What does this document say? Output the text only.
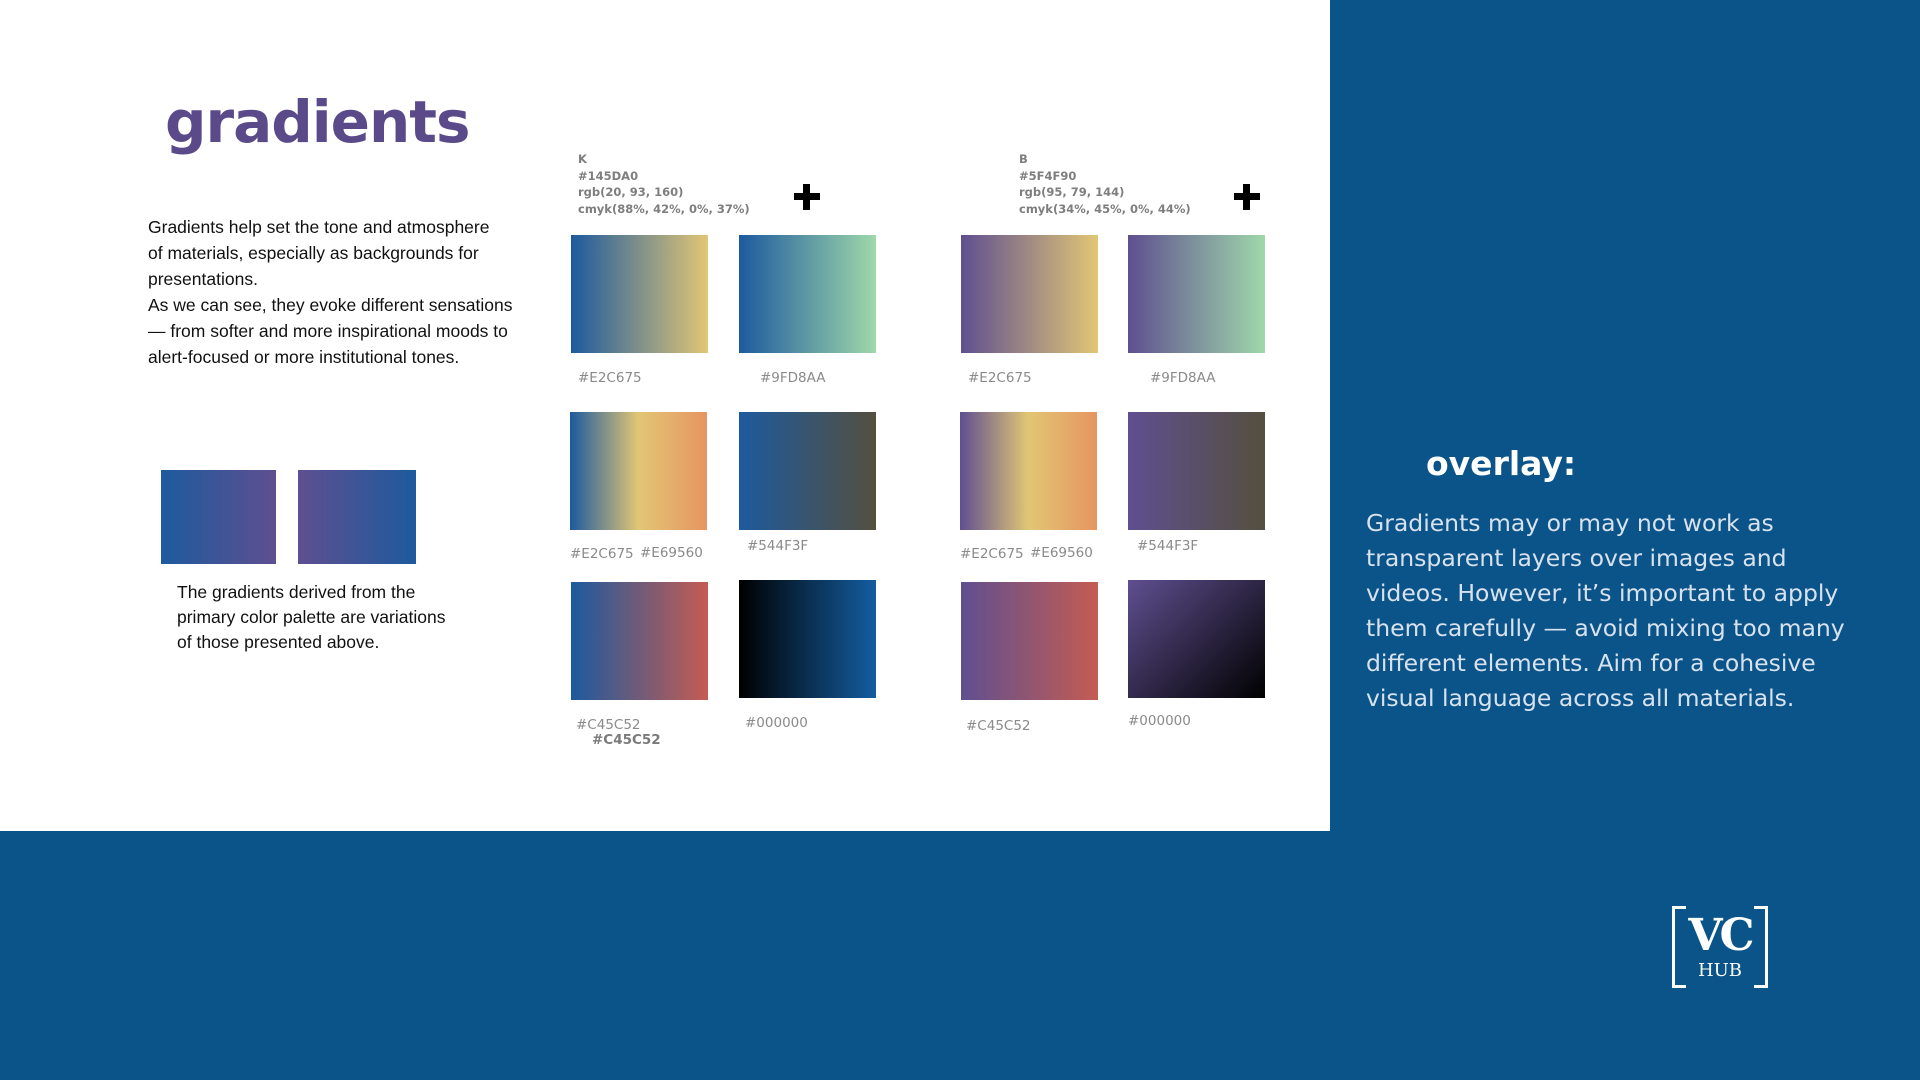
gradients

Gradients help set the tone and atmosphere
of materials, especially as backgrounds for
presentations.

As we can see, they evoke different sensations
— from softer and more inspirational moods to
alert-focused or more institutional tones.

The gradients derived from the
primary color palette are variations
of those presented above.

K
#145DA0
rgb(20, 93, 160)
cmyk(88%, 42%, 0%, 37%)
#E2C675	#9FD8AA
#E2C675 #E69560	#544F3F
#C45C52
#C45C52
#000000
B
#5F4F90
rgb(95, 79, 144)
cmyk(34%, 45%, 0%, 44%)
#E2C675	#9FD8AA
#E2C675 #E69560	#544F3F
#C45C52	#000000
overlay:

Gradients may or may not work as
transparent layers over images and
videos. However, it’s important to apply
them carefully — avoid mixing too many
different elements. Aim for a cohesive
visual language across all materials.

VC
HUB
